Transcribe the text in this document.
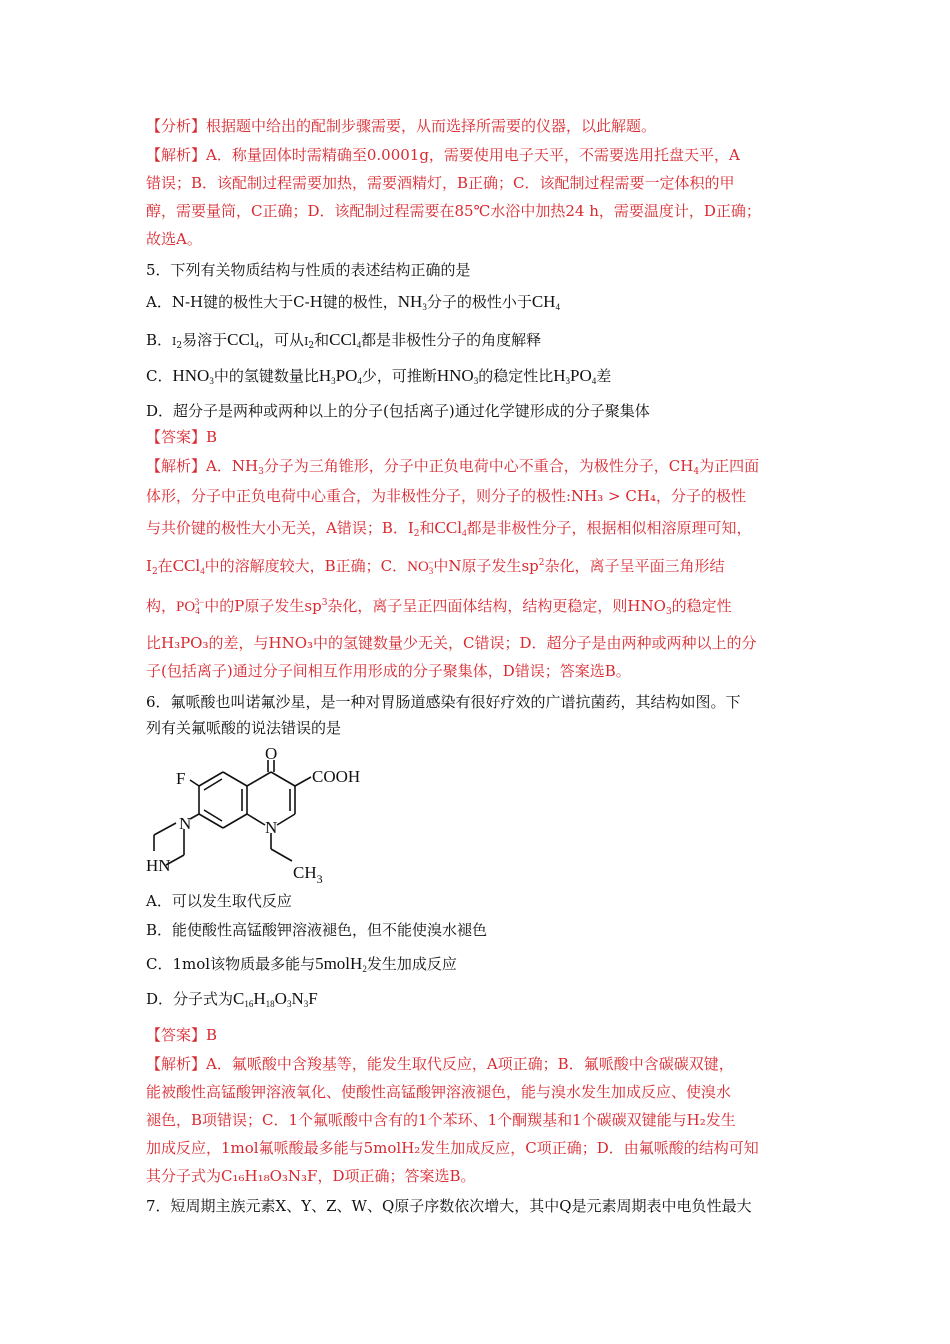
【分析】根据题中给出的配制步骤需要，从而选择所需要的仪器，以此解题。
【解析】A．称量固体时需精确至0.0001g，需要使用电子天平，不需要选用托盘天平，A
错误；B．该配制过程需要加热，需要酒精灯，B正确；C．该配制过程需要一定体积的甲
醇，需要量筒，C正确；D．该配制过程需要在85℃水浴中加热24 h，需要温度计，D正确；
故选A。
5．下列有关物质结构与性质的表述结构正确的是
A．N-H键的极性大于C-H键的极性，$NH_3$分子的极性小于$CH_4$
B．$I_2$易溶于CCl$_4$，可从$I_2$和CCl$_4$都是非极性分子的角度解释
C．$HNO_3$中的氢键数量比$H_3PO_4$少，可推断$HNO_3$的稳定性比$H_3PO_4$差
D．超分子是两种或两种以上的分子(包括离子)通过化学键形成的分子聚集体
【答案】B
【解析】A．$NH_3$分子为三角锥形，分子中正负电荷中心不重合，为极性分子，$CH_4$为正四面
体形，分子中正负电荷中心重合，为非极性分子，则分子的极性:NH₃ > CH₄，分子的极性
与共价键的极性大小无关，A错误；B．$I_2$和CCl$_4$都是非极性分子，根据相似相溶原理可知，
$I_2$在CCl$_4$中的溶解度较大，B正确；C．$NO_3^-$中N原子发生$sp^2$杂化，离子呈平面三角形结
构，$PO_4^{3-}$中的P原子发生$sp^3$杂化，离子呈正四面体结构，结构更稳定，则$HNO_3$的稳定性
比H₃PO₃的差，与HNO₃中的氢键数量少无关，C错误；D．超分子是由两种或两种以上的分
子(包括离子)通过分子间相互作用形成的分子聚集体，D错误；答案选B。
6．氟哌酸也叫诺氟沙星，是一种对胃肠道感染有很好疗效的广谱抗菌药，其结构如图。下
列有关氟哌酸的说法错误的是
O
F	COOH
N	N
HN	$CH_3$
A．可以发生取代反应
B．能使酸性高锰酸钾溶液褪色，但不能使溴水褪色
C．1mol该物质最多能与5molH$_2$发生加成反应
D．分子式为$C_{16}H_{18}O_3N_3F$
【答案】B
【解析】A．氟哌酸中含羧基等，能发生取代反应，A项正确；B．氟哌酸中含碳碳双键，
能被酸性高锰酸钾溶液氧化、使酸性高锰酸钾溶液褪色，能与溴水发生加成反应、使溴水
褪色，B项错误；C．1个氟哌酸中含有的1个苯环、1个酮羰基和1个碳碳双键能与H₂发生
加成反应，1mol氟哌酸最多能与5molH₂发生加成反应，C项正确；D．由氟哌酸的结构可知
其分子式为C₁₆H₁₈O₃N₃F，D项正确；答案选B。
7．短周期主族元素X、Y、Z、W、Q原子序数依次增大，其中Q是元素周期表中电负性最大
